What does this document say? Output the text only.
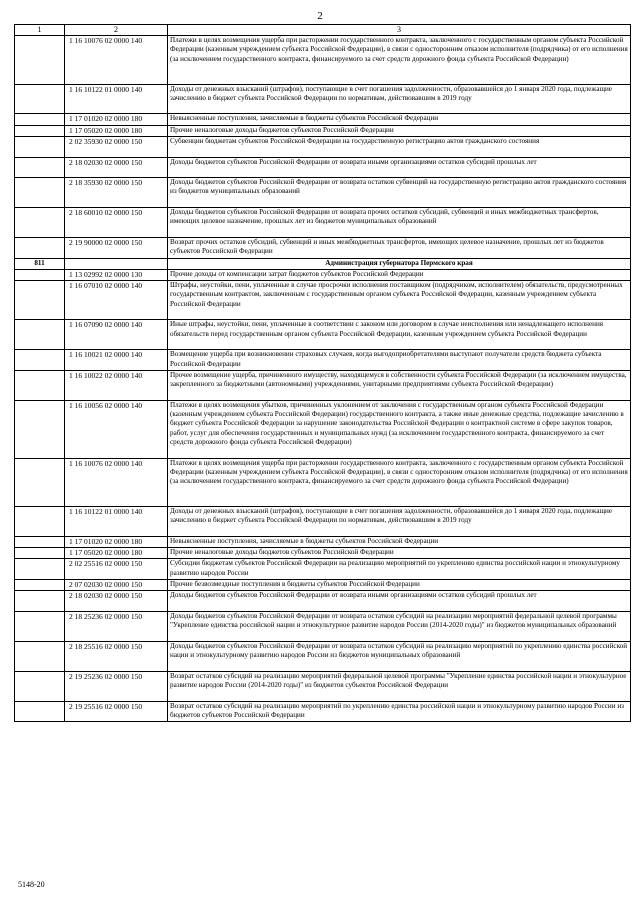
2
1	2	3
	1 16 10076 02 0000 140	Платежи в целях возмещения ущерба при расторжении государственного контракта, заключенного с государственным органом субъекта Российской Федерации (казенным учреждением субъекта Российской Федерации), в связи с односторонним отказом исполнителя (подрядчика) от его исполнения (за исключением государственного контракта, финансируемого за счет средств дорожного фонда субъекта Российской Федерации)
	1 16 10122 01 0000 140	Доходы от денежных взысканий (штрафов), поступающие в счет погашения задолженности, образовавшейся до 1 января 2020 года, подлежащие зачислению в бюджет субъекта Российской Федерации по нормативам, действовавшим в 2019 году
	1 17 01020 02 0000 180	Невыясненные поступления, зачисляемые в бюджеты субъектов Российской Федерации
	1 17 05020 02 0000 180	Прочие неналоговые доходы бюджетов субъектов Российской Федерации
	2 02 35930 02 0000 150	Субвенции бюджетам субъектов Российской Федерации на государственную регистрацию актов гражданского состояния
	2 18 02030 02 0000 150	Доходы бюджетов субъектов Российской Федерации от возврата иными организациями остатков субсидий прошлых лет
	2 18 35930 02 0000 150	Доходы бюджетов субъектов Российской Федерации от возврата остатков субвенций на государственную регистрацию актов гражданского состояния из бюджетов муниципальных образований
	2 18 60010 02 0000 150	Доходы бюджетов субъектов Российской Федерации от возврата прочих остатков субсидий, субвенций и иных межбюджетных трансфертов, имеющих целевое назначение, прошлых лет из бюджетов муниципальных образований
	2 19 90000 02 0000 150	Возврат прочих остатков субсидий, субвенций и иных межбюджетных трансфертов, имеющих целевое назначение, прошлых лет из бюджетов субъектов Российской Федерации
811		Администрация губернатора Пермского края
	1 13 02992 02 0000 130	Прочие доходы от компенсации затрат бюджетов субъектов Российской Федерации
	1 16 07010 02 0000 140	Штрафы, неустойки, пени, уплаченные в случае просрочки исполнения поставщиком (подрядчиком, исполнителем) обязательств, предусмотренных государственным контрактом, заключенным с государственным органом субъекта Российской Федерации, казенным учреждением субъекта Российской Федерации
	1 16 07090 02 0000 140	Иные штрафы, неустойки, пени, уплаченные в соответствии с законом или договором в случае неисполнения или ненадлежащего исполнения обязательств перед государственным органом субъекта Российской Федерации, казенным учреждением субъекта Российской Федерации
	1 16 10021 02 0000 140	Возмещение ущерба при возникновении страховых случаев, когда выгодоприобретателями выступают получатели средств бюджета субъекта Российской Федерации
	1 16 10022 02 0000 140	Прочее возмещение ущерба, причиненного имуществу, находящемуся в собственности субъекта Российской Федерации (за исключением имущества, закрепленного за бюджетными (автономными) учреждениями, унитарными предприятиями субъекта Российской Федерации)
	1 16 10056 02 0000 140	Платежи в целях возмещения убытков, причиненных уклонением от заключения с государственным органом субъекта Российской Федерации (казенным учреждением субъекта Российской Федерации) государственного контракта, а также иные денежные средства, подлежащие зачислению в бюджет субъекта Российской Федерации за нарушение законодательства Российской Федерации о контрактной системе в сфере закупок товаров, работ, услуг для обеспечения государственных и муниципальных нужд (за исключением государственного контракта, финансируемого за счет средств дорожного фонда субъекта Российской Федерации)
	1 16 10076 02 0000 140	Платежи в целях возмещения ущерба при расторжении государственного контракта, заключенного с государственным органом субъекта Российской Федерации (казенным учреждением субъекта Российской Федерации), в связи с односторонним отказом исполнителя (подрядчика) от его исполнения (за исключением государственного контракта, финансируемого за счет средств дорожного фонда субъекта Российской Федерации)
	1 16 10122 01 0000 140	Доходы от денежных взысканий (штрафов), поступающие в счет погашения задолженности, образовавшейся до 1 января 2020 года, подлежащие зачислению в бюджет субъекта Российской Федерации по нормативам, действовавшим в 2019 году
	1 17 01020 02 0000 180	Невыясненные поступления, зачисляемые в бюджеты субъектов Российской Федерации
	1 17 05020 02 0000 180	Прочие неналоговые доходы бюджетов субъектов Российской Федерации
	2 02 25516 02 0000 150	Субсидии бюджетам субъектов Российской Федерации на реализацию мероприятий по укреплению единства российской нации и этнокультурному развитию народов России
	2 07 02030 02 0000 150	Прочие безвозмездные поступления в бюджеты субъектов Российской Федерации
	2 18 02030 02 0000 150	Доходы бюджетов субъектов Российской Федерации от возврата иными организациями остатков субсидий прошлых лет
	2 18 25236 02 0000 150	Доходы бюджетов субъектов Российской Федерации от возврата остатков субсидий на реализацию мероприятий федеральной целевой программы "Укрепление единства российской нации и этнокультурное развитие народов России (2014-2020 годы)" из бюджетов муниципальных образований
	2 18 25516 02 0000 150	Доходы бюджетов субъектов Российской Федерации от возврата остатков субсидий на реализацию мероприятий по укреплению единства российской нации и этнокультурному развитию народов России из бюджетов муниципальных образований
	2 19 25236 02 0000 150	Возврат остатков субсидий на реализацию мероприятий федеральной целевой программы "Укрепление единства российской нации и этнокультурное развитие народов России (2014-2020 годы)" из бюджетов субъектов Российской Федерации
	2 19 25516 02 0000 150	Возврат остатков субсидий на реализацию мероприятий по укреплению единства российской нации и этнокультурному развитию народов России из бюджетов субъектов Российской Федерации
5148-20
